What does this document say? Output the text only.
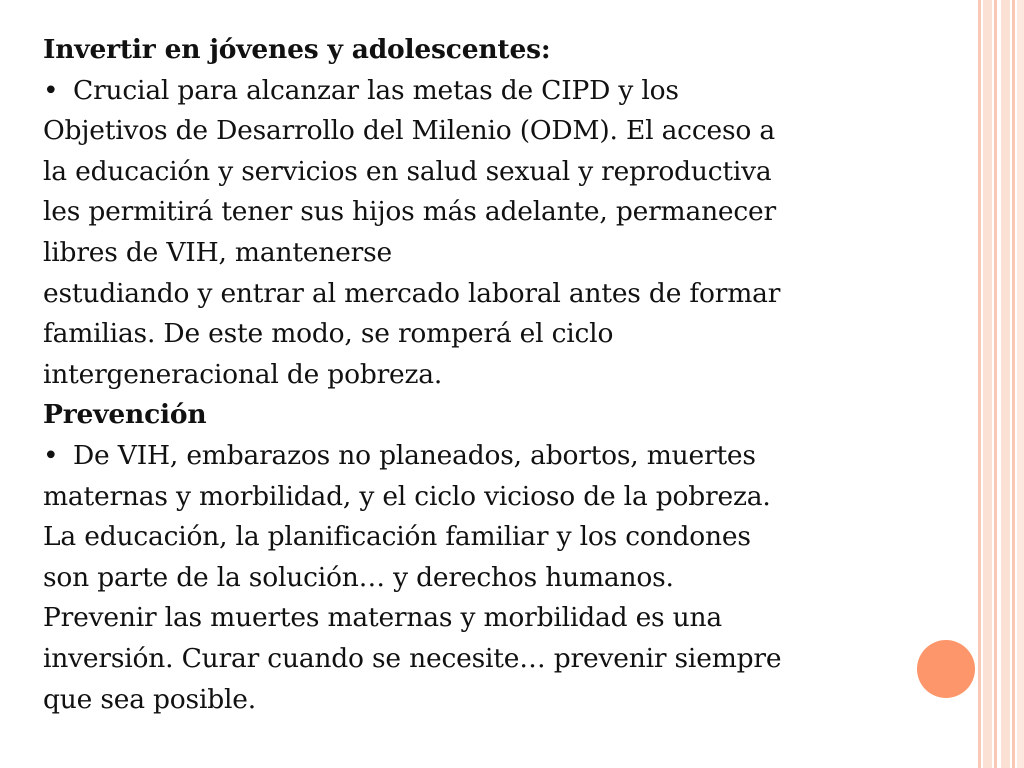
Invertir en jóvenes y adolescentes:
• Crucial para alcanzar las metas de CIPD y los
Objetivos de Desarrollo del Milenio (ODM). El acceso a
la educación y servicios en salud sexual y reproductiva
les permitirá tener sus hijos más adelante, permanecer
libres de VIH, mantenerse
estudiando y entrar al mercado laboral antes de formar
familias. De este modo, se romperá el ciclo
intergeneracional de pobreza.
Prevención
• De VIH, embarazos no planeados, abortos, muertes
maternas y morbilidad, y el ciclo vicioso de la pobreza.
La educación, la planificación familiar y los condones
son parte de la solución… y derechos humanos.
Prevenir las muertes maternas y morbilidad es una
inversión. Curar cuando se necesite… prevenir siempre
que sea posible.
